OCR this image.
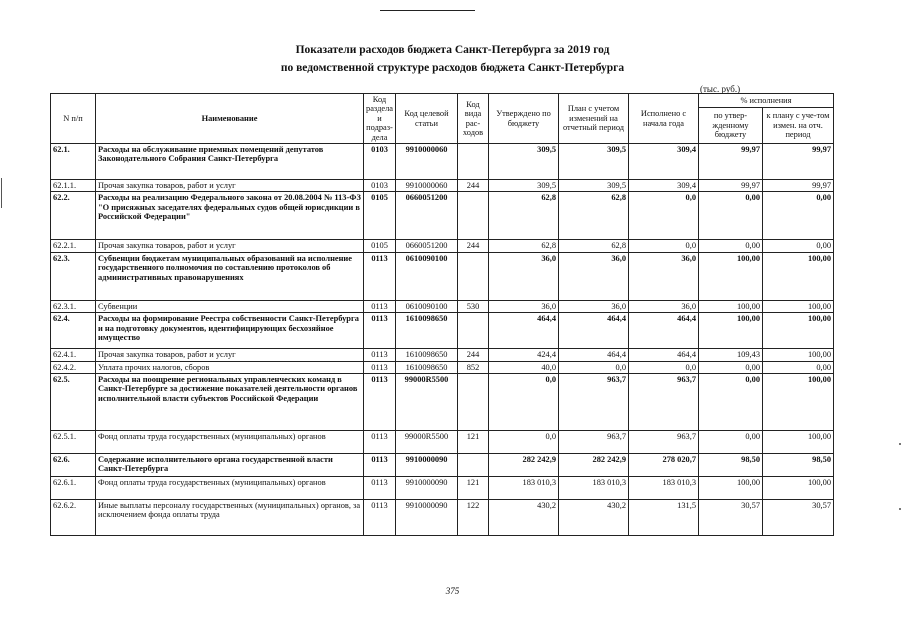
Показатели расходов бюджета Санкт-Петербурга за 2019 год
по ведомственной структуре расходов бюджета Санкт-Петербурга
(тыс. руб.)
N п/п	Наименование	Код раздела и подраз-дела	Код целевой статьи	Код вида рас-ходов	Утверждено по бюджету	План с учетом изменений на отчетный период	Исполнено с начала года	% исполнения	
								по утвер-жденному бюджету	к плану с уче-том измен. на отч. период
62.1.	Расходы на обслуживание приемных помещений депутатов Законодательного Собрания Санкт-Петербурга	0103	9910000060		309,5	309,5	309,4	99,97	99,97
62.1.1.	Прочая закупка товаров, работ и услуг	0103	9910000060	244	309,5	309,5	309,4	99,97	99,97
62.2.	Расходы на реализацию Федерального закона от 20.08.2004 № 113-ФЗ "О присяжных заседателях федеральных судов общей юрисдикции в Российской Федерации"	0105	0660051200		62,8	62,8	0,0	0,00	0,00
62.2.1.	Прочая закупка товаров, работ и услуг	0105	0660051200	244	62,8	62,8	0,0	0,00	0,00
62.3.	Субвенции бюджетам муниципальных образований на исполнение государственного полномочия по составлению протоколов об административных правонарушениях	0113	0610090100		36,0	36,0	36,0	100,00	100,00
62.3.1.	Субвенции	0113	0610090100	530	36,0	36,0	36,0	100,00	100,00
62.4.	Расходы на формирование Реестра собственности Санкт-Петербурга и на подготовку документов, идентифицирующих бесхозяйное имущество	0113	1610098650		464,4	464,4	464,4	100,00	100,00
62.4.1.	Прочая закупка товаров, работ и услуг	0113	1610098650	244	424,4	464,4	464,4	109,43	100,00
62.4.2.	Уплата прочих налогов, сборов	0113	1610098650	852	40,0	0,0	0,0	0,00	0,00
62.5.	Расходы на поощрение региональных управленческих команд в Санкт-Петербурге за достижение показателей деятельности органов исполнительной власти субъектов Российской Федерации	0113	99000R5500		0,0	963,7	963,7	0,00	100,00
62.5.1.	Фонд оплаты труда государственных (муниципальных) органов	0113	99000R5500	121	0,0	963,7	963,7	0,00	100,00
62.6.	Содержание исполнительного органа государственной власти Санкт-Петербурга	0113	9910000090		282 242,9	282 242,9	278 020,7	98,50	98,50
62.6.1.	Фонд оплаты труда государственных (муниципальных) органов	0113	9910000090	121	183 010,3	183 010,3	183 010,3	100,00	100,00
62.6.2.	Иные выплаты персоналу государственных (муниципальных) органов, за исключением фонда оплаты труда	0113	9910000090	122	430,2	430,2	131,5	30,57	30,57
375
